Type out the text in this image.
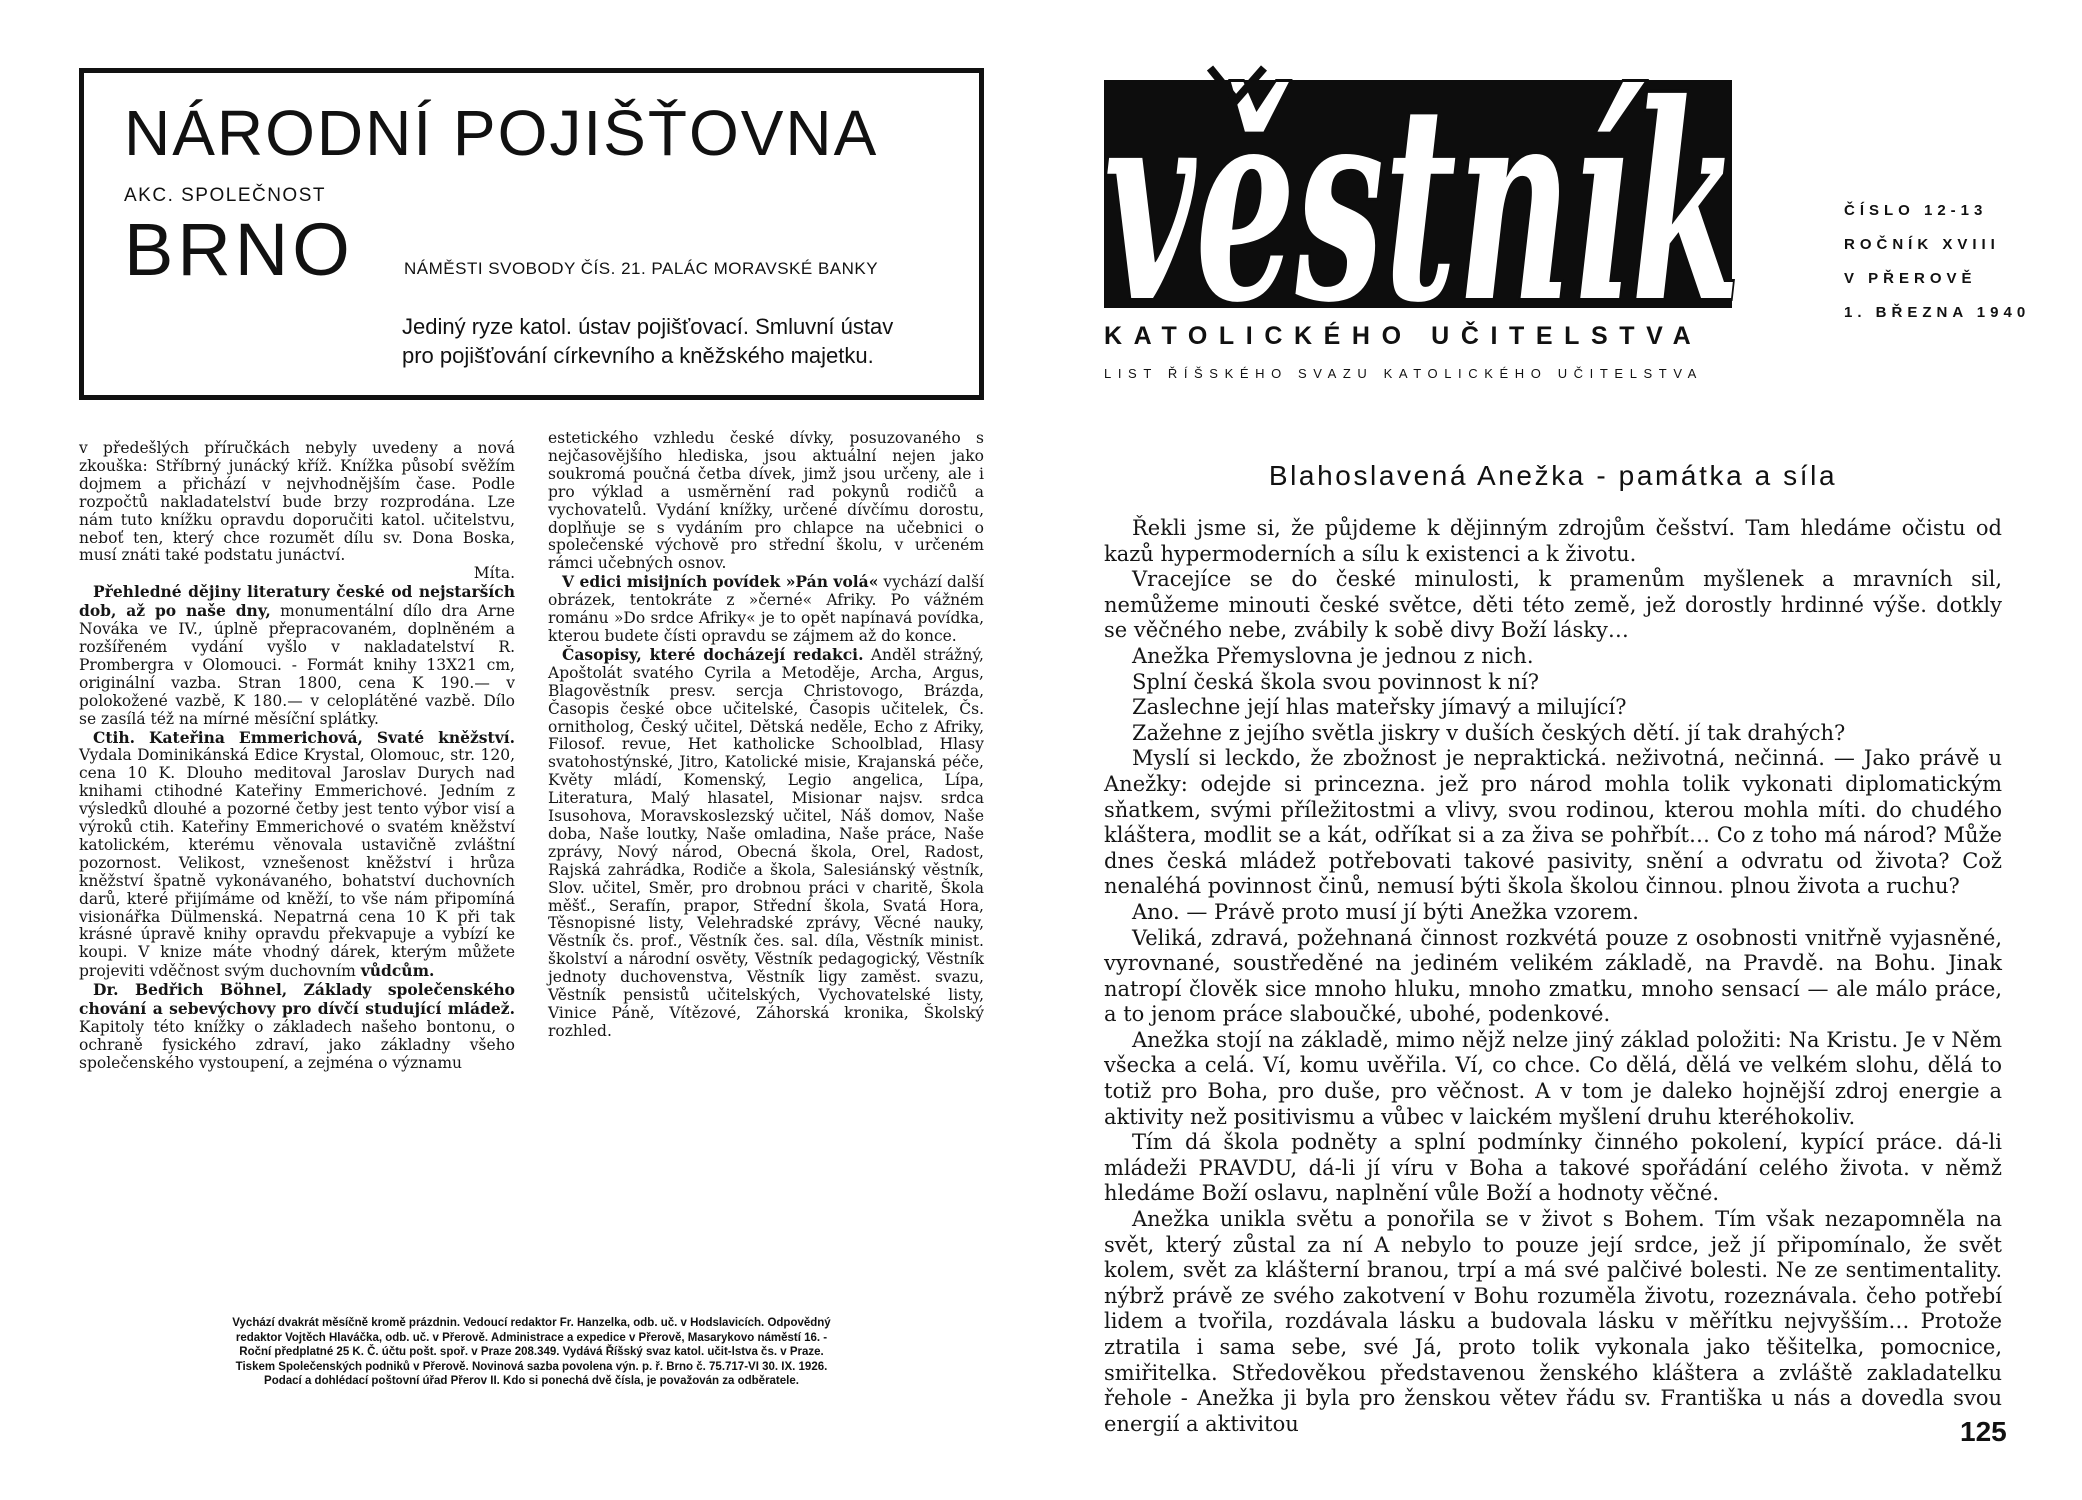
NÁRODNÍ POJIŠŤOVNA
AKC. SPOLEČNOST
BRNO	NÁMĚSTI SVOBODY ČÍS. 21. PALÁC MORAVSKÉ BANKY
Jediný ryze katol. ústav pojišťovací. Smluvní ústav
pro pojišťování církevního a kněžského majetku.

v předešlých příručkách nebyly uvedeny a nová zkouška: Stříbrný junácký kříž. Knížka působí svěžím dojmem a přichází v nejvhodnějším čase. Podle rozpočtů nakladatelství bude brzy rozprodána. Lze nám tuto knížku opravdu doporučiti katol. učitelstvu, neboť ten, který chce rozumět dílu sv. Dona Boska, musí znáti také podstatu junáctví.

Míta.

Přehledné dějiny literatury české od nejstarších dob, až po naše dny, monumentální dílo dra Arne Nováka ve IV., úplně přepracovaném, doplněném a rozšířeném vydání vyšlo v nakladatelství R. Prombergra v Olomouci. - Formát knihy 13X21 cm, originální vazba. Stran 1800, cena K 190.— v polokožené vazbě, K 180.— v celoplátěné vazbě. Dílo se zasílá též na mírné měsíční splátky.

Ctih. Kateřina Emmerichová, Svaté kněžství. Vydala Dominikánská Edice Krystal, Olomouc, str. 120, cena 10 K. Dlouho meditoval Jaroslav Durych nad knihami ctihodné Kateřiny Emmerichové. Jedním z výsledků dlouhé a pozorné četby jest tento výbor visí a výroků ctih. Kateřiny Emmerichové o svatém kněžství katolickém, kterému věnovala ustavičně zvláštní pozornost. Velikost, vznešenost kněžství i hrůza kněžství špatně vykonávaného, bohatství duchovních darů, které přijímáme od kněží, to vše nám připomíná visionářka Dülmenská. Nepatrná cena 10 K při tak krásné úpravě knihy opravdu překvapuje a vybízí ke koupi. V knize máte vhodný dárek, kterým můžete projeviti vděčnost svým duchovním vůdcům.

Dr. Bedřich Böhnel, Základy společenského chování a sebevýchovy pro dívčí studující mládež. Kapitoly této knížky o základech našeho bontonu, o ochraně fysického zdraví, jako základny všeho společenského vystoupení, a zejména o významu

estetického vzhledu české dívky, posuzovaného s nejčasovějšího hlediska, jsou aktuální nejen jako soukromá poučná četba dívek, jimž jsou určeny, ale i pro výklad a usměrnění rad pokynů rodičů a vychovatelů. Vydání knížky, určené dívčímu dorostu, doplňuje se s vydáním pro chlapce na učebnici o společenské výchově pro střední školu, v určeném rámci učebných osnov.

V edici misijních povídek »Pán volá« vychází další obrázek, tentokráte z »černé« Afriky. Po vážném románu »Do srdce Afriky« je to opět napínavá povídka, kterou budete čísti opravdu se zájmem až do konce.

Časopisy, které docházejí redakci. Anděl strážný, Apoštolát svatého Cyrila a Metoděje, Archa, Argus, Blagověstník presv. sercja Christovogo, Brázda, Časopis české obce učitelské, Časopis učitelek, Čs. ornitholog, Český učitel, Dětská neděle, Echo z Afriky, Filosof. revue, Het katholicke Schoolblad, Hlasy svatohostýnské, Jitro, Katolické misie, Krajanská péče, Květy mládí, Komenský, Legio angelica, Lípa, Literatura, Malý hlasatel, Misionar najsv. srdca Isusohova, Moravskoslezský učitel, Náš domov, Naše doba, Naše loutky, Naše omladina, Naše práce, Naše zprávy, Nový národ, Obecná škola, Orel, Radost, Rajská zahrádka, Rodiče a škola, Salesiánský věstník, Slov. učitel, Směr, pro drobnou práci v charitě, Škola měšť., Serafín, prapor, Střední škola, Svatá Hora, Těsnopisné listy, Velehradské zprávy, Věcné nauky, Věstník čs. prof., Věstník čes. sal. díla, Věstník minist. školství a národní osvěty, Věstník pedagogický, Věstník jednoty duchovenstva, Věstník ligy zaměst. svazu, Věstník pensistů učitelských, Vychovatelské listy, Vinice Páně, Vítězové, Záhorská kronika, Školský rozhled.

Vychází dvakrát měsíčně kromě prázdnin. Vedoucí redaktor Fr. Hanzelka, odb. uč. v Hodslavicích. Odpovědný

redaktor Vojtěch Hlaváčka, odb. uč. v Přerově. Administrace a expedice v Přerově, Masarykovo náměstí 16. -

Roční předplatné 25 K. Č. účtu pošt. spoř. v Praze 208.349. Vydává Říšský svaz katol. učit-lstva čs. v Praze.

Tiskem Společenských podniků v Přerově. Novinová sazba povolena výn. p. ř. Brno č. 75.717-VI 30. IX. 1926.

Podací a dohlédací poštovní úřad Přerov II. Kdo si ponechá dvě čísla, je považován za odběratele.

věstník	ČÍSLO 12-13
ROČNÍK XVIII
V PŘEROVĚ
1. BŘEZNA 1940
KATOLICKÉHO UČITELSTVA
LIST ŘÍŠSKÉHO SVAZU KATOLICKÉHO UČITELSTVA
Blahoslavená Anežka - památka a síla

Řekli jsme si, že půjdeme k dějinným zdrojům češství. Tam hledáme očistu od kazů hypermoderních a sílu k existenci a k životu.

Vracejíce se do české minulosti, k pramenům myšlenek a mravních sil, nemůžeme minouti české světce, děti této země, jež dorostly hrdinné výše. dotkly se věčného nebe, zvábily k sobě divy Boží lásky…

Anežka Přemyslovna je jednou z nich.

Splní česká škola svou povinnost k ní?

Zaslechne její hlas mateřsky jímavý a milující?

Zažehne z jejího světla jiskry v duších českých dětí. jí tak drahých?

Myslí si leckdo, že zbožnost je nepraktická. neživotná, nečinná. — Jako právě u Anežky: odejde si princezna. jež pro národ mohla tolik vykonati diplomatickým sňatkem, svými příležitostmi a vlivy, svou rodinou, kterou mohla míti. do chudého kláštera, modlit se a kát, odříkat si a za živa se pohřbít… Co z toho má národ? Může dnes česká mládež potřebovati takové pasivity, snění a odvratu od života? Což nenaléhá povinnost činů, nemusí býti škola školou činnou. plnou života a ruchu?

Ano. — Právě proto musí jí býti Anežka vzorem.

Veliká, zdravá, požehnaná činnost rozkvétá pouze z osobnosti vnitřně vyjasněné, vyrovnané, soustředěné na jediném velikém základě, na Pravdě. na Bohu. Jinak natropí člověk sice mnoho hluku, mnoho zmatku, mnoho sensací — ale málo práce, a to jenom práce slaboučké, ubohé, podenkové.

Anežka stojí na základě, mimo nějž nelze jiný základ položiti: Na Kristu. Je v Něm všecka a celá. Ví, komu uvěřila. Ví, co chce. Co dělá, dělá ve velkém slohu, dělá to totiž pro Boha, pro duše, pro věčnost. A v tom je daleko hojnější zdroj energie a aktivity než positivismu a vůbec v laickém myšlení druhu kteréhokoliv.

Tím dá škola podněty a splní podmínky činného pokolení, kypící práce. dá-li mládeži PRAVDU, dá-li jí víru v Boha a takové spořádání celého života. v němž hledáme Boží oslavu, naplnění vůle Boží a hodnoty věčné.

Anežka unikla světu a ponořila se v život s Bohem. Tím však nezapomněla na svět, který zůstal za ní A nebylo to pouze její srdce, jež jí připomínalo, že svět kolem, svět za klášterní branou, trpí a má své palčivé bolesti. Ne ze sentimentality. nýbrž právě ze svého zakotvení v Bohu rozuměla životu, rozeznávala. čeho potřebí lidem a tvořila, rozdávala lásku a budovala lásku v měřítku nejvyšším… Protože ztratila i sama sebe, své Já, proto tolik vykonala jako těšitelka, pomocnice, smiřitelka. Středověkou představenou ženského kláštera a zvláště zakladatelku řehole - Anežka ji byla pro ženskou větev řádu sv. Františka u nás a dovedla svou energií a aktivitou	125
